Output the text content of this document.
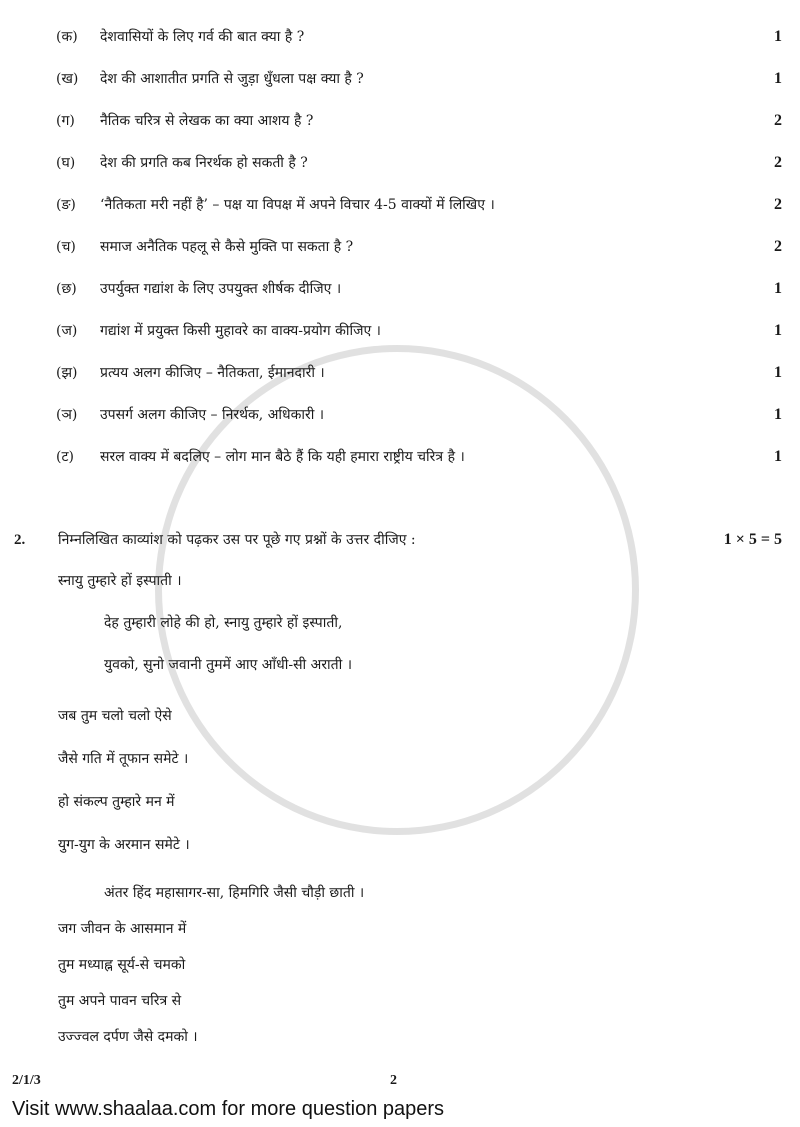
(क) देशवासियों के लिए गर्व की बात क्या है ?	1
(ख) देश की आशातीत प्रगति से जुड़ा धुँधला पक्ष क्या है ?	1
(ग) नैतिक चरित्र से लेखक का क्या आशय है ?	2
(घ) देश की प्रगति कब निरर्थक हो सकती है ?	2
(ङ) ‘नैतिकता मरी नहीं है’ – पक्ष या विपक्ष में अपने विचार 4-5 वाक्यों में लिखिए ।	2
(च) समाज अनैतिक पहलू से कैसे मुक्ति पा सकता है ?	2
(छ) उपर्युक्त गद्यांश के लिए उपयुक्त शीर्षक दीजिए ।	1
(ज) गद्यांश में प्रयुक्त किसी मुहावरे का वाक्य-प्रयोग कीजिए ।	1
(झ) प्रत्यय अलग कीजिए – नैतिकता, ईमानदारी ।	1
(ञ) उपसर्ग अलग कीजिए – निरर्थक, अधिकारी ।	1
(ट) सरल वाक्य में बदलिए – लोग मान बैठे हैं कि यही हमारा राष्ट्रीय चरित्र है ।	1
2. निम्नलिखित काव्यांश को पढ़कर उस पर पूछे गए प्रश्नों के उत्तर दीजिए :	1 × 5 = 5
स्नायु तुम्हारे हों इस्पाती ।
देह तुम्हारी लोहे की हो, स्नायु तुम्हारे हों इस्पाती,
युवको, सुनो जवानी तुममें आए आँधी-सी अराती ।
जब तुम चलो चलो ऐसे
जैसे गति में तूफान समेटे ।
हो संकल्प तुम्हारे मन में
युग-युग के अरमान समेटे ।
अंतर हिंद महासागर-सा, हिमगिरि जैसी चौड़ी छाती ।
जग जीवन के आसमान में
तुम मध्याह्न सूर्य-से चमको
तुम अपने पावन चरित्र से
उज्ज्वल दर्पण जैसे दमको ।
2/1/3	2
Visit www.shaalaa.com for more question papers
